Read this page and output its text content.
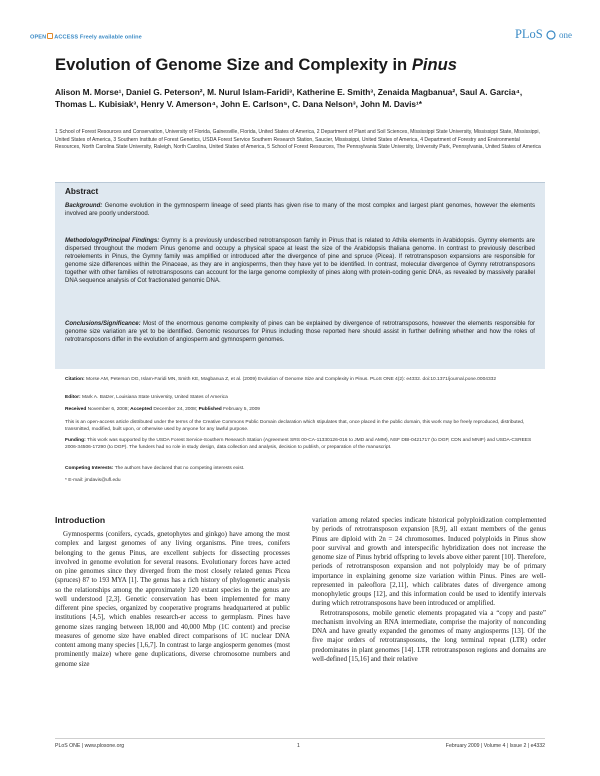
OPEN ACCESS Freely available online	PLoS one
Evolution of Genome Size and Complexity in Pinus
Alison M. Morse¹, Daniel G. Peterson², M. Nurul Islam-Faridi³, Katherine E. Smith³, Zenaida Magbanua², Saul A. Garcia⁴, Thomas L. Kubisiak³, Henry V. Amerson⁴, John E. Carlson⁵, C. Dana Nelson³, John M. Davis¹*
1 School of Forest Resources and Conservation, University of Florida, Gainesville, Florida, United States of America, 2 Department of Plant and Soil Sciences, Mississippi State University, Mississippi State, Mississippi, United States of America, 3 Southern Institute of Forest Genetics, USDA Forest Service Southern Research Station, Saucier, Mississippi, United States of America, 4 Department of Forestry and Environmental Resources, North Carolina State University, Raleigh, North Carolina, United States of America, 5 School of Forest Resources, The Pennsylvania State University, University Park, Pennsylvania, United States of America
Abstract
Background: Genome evolution in the gymnosperm lineage of seed plants has given rise to many of the most complex and largest plant genomes, however the elements involved are poorly understood.
Methodology/Principal Findings: Gymny is a previously undescribed retrotransposon family in Pinus that is related to Athila elements in Arabidopsis. Gymny elements are dispersed throughout the modern Pinus genome and occupy a physical space at least the size of the Arabidopsis thaliana genome. In contrast to previously described retroelements in Pinus, the Gymny family was amplified or introduced after the divergence of pine and spruce (Picea). If retrotransposon expansions are responsible for genome size differences within the Pinaceae, as they are in angiosperms, then they have yet to be identified. In contrast, molecular divergence of Gymny retrotransposons together with other families of retrotransposons can account for the large genome complexity of pines along with protein-coding genic DNA, as revealed by massively parallel DNA sequence analysis of Cot fractionated genomic DNA.
Conclusions/Significance: Most of the enormous genome complexity of pines can be explained by divergence of retrotransposons, however the elements responsible for genome size variation are yet to be identified. Genomic resources for Pinus including those reported here should assist in further defining whether and how the roles of retrotransposons differ in the evolution of angiosperm and gymnosperm genomes.
Citation: Morse AM, Peterson DG, Islam-Faridi MN, Smith KE, Magbanua Z, et al. (2009) Evolution of Genome Size and Complexity in Pinus. PLoS ONE 4(2): e4332. doi:10.1371/journal.pone.0004332
Editor: Mark A. Batzer, Louisiana State University, United States of America
Received November 6, 2008; Accepted December 24, 2008; Published February 5, 2009
This is an open-access article distributed under the terms of the Creative Commons Public Domain declaration which stipulates that, once placed in the public domain, this work may be freely reproduced, distributed, transmitted, modified, built upon, or otherwise used by anyone for any lawful purpose.
Funding: This work was supported by the USDA Forest Service-Southern Research Station (Agreement SRS 00-CA-11330126-016 to JMD and AMM), NSF DBI-0421717 (to DGP, CDN and MNIF) and USDA-CSREES 2006-34506-17290 (to DGP). The funders had no role in study design, data collection and analysis, decision to publish, or preparation of the manuscript.
Competing Interests: The authors have declared that no competing interests exist.
* E-mail: jmdavis@ufl.edu
Introduction

Gymnosperms (conifers, cycads, gnetophytes and ginkgo) have among the most complex and largest genomes of any living organisms. Pine trees, conifers belonging to the genus Pinus, are excellent subjects for dissecting processes involved in genome evolution for several reasons. Evolutionary forces have acted on pine genomes since they diverged from the most closely related genus Picea (spruces) 87 to 193 MYA [1]. The genus has a rich history of phylogenetic analysis so the relationships among the approximately 120 extant species in the genus are well understood [2,3]. Genetic conservation has been implemented for many different pine species, organized by cooperative programs headquartered at public institutions [4,5], which enables research-er access to germplasm. Pines have genome sizes ranging between 18,000 and 40,000 Mbp (1C content) and precise measures of genome size have enabled direct comparisons of 1C nuclear DNA content among many species [1,6,7]. In contrast to large angiosperm genomes (most prominently maize) where gene duplications, diverse chromosome numbers and genome size

variation among related species indicate historical polyploidization complemented by periods of retrotransposon expansion [8,9], all extant members of the genus Pinus are diploid with 2n = 24 chromosomes. Induced polyploids in Pinus show poor survival and growth and interspecific hybridization does not increase the genome size of Pinus hybrid offspring to levels above either parent [10]. Therefore, periods of retrotransposon expansion and not polyploidy may be of primary importance in explaining genome size variation within Pinus. Pines are well-represented in paleoflora [2,11], which calibrates dates of divergence among monophyletic groups [12], and this information could be used to identify intervals during which retrotransposons have been introduced or amplified.

Retrotransposons, mobile genetic elements propagated via a “copy and paste” mechanism involving an RNA intermediate, comprise the majority of nonconding DNA and have greatly expanded the genomes of many angiosperms [13]. Of the five major orders of retrotransposons, the long terminal repeat (LTR) order predominates in plant genomes [14]. LTR retrotransposon regions and domains are well-defined [15,16] and their relative

PLoS ONE | www.plosone.org	1	February 2009 | Volume 4 | Issue 2 | e4332
